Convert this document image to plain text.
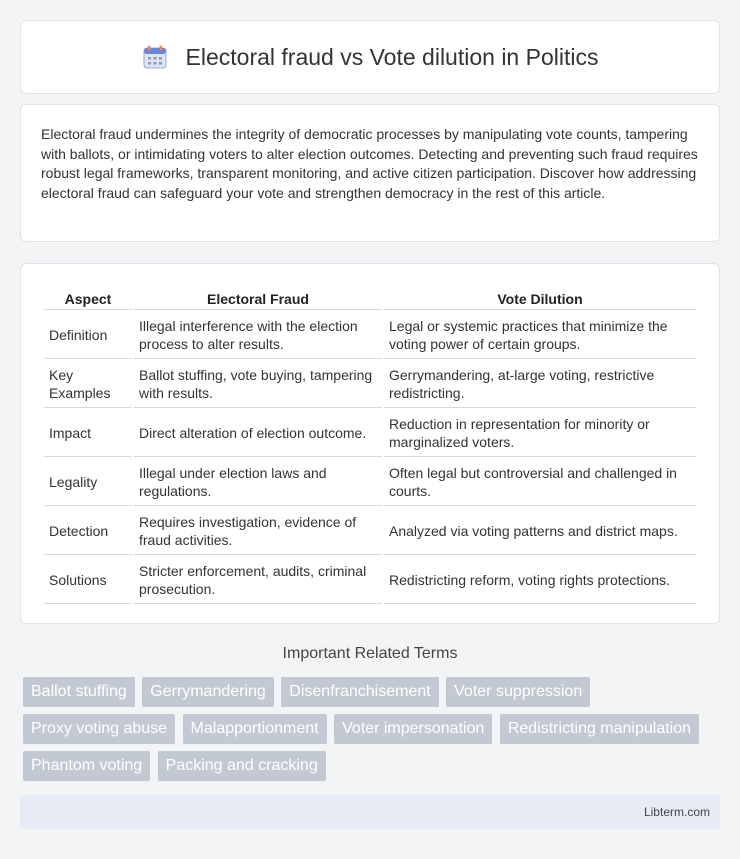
Electoral fraud vs Vote dilution in Politics

Electoral fraud undermines the integrity of democratic processes by manipulating vote counts, tampering with ballots, or intimidating voters to alter election outcomes. Detecting and preventing such fraud requires robust legal frameworks, transparent monitoring, and active citizen participation. Discover how addressing electoral fraud can safeguard your vote and strengthen democracy in the rest of this article.

Aspect	Electoral Fraud	Vote Dilution
Definition	Illegal interference with the election process to alter results.	Legal or systemic practices that minimize the voting power of certain groups.
Key Examples	Ballot stuffing, vote buying, tampering with results.	Gerrymandering, at-large voting, restrictive redistricting.
Impact	Direct alteration of election outcome.	Reduction in representation for minority or marginalized voters.
Legality	Illegal under election laws and regulations.	Often legal but controversial and challenged in courts.
Detection	Requires investigation, evidence of fraud activities.	Analyzed via voting patterns and district maps.
Solutions	Stricter enforcement, audits, criminal prosecution.	Redistricting reform, voting rights protections.
Important Related Terms
Ballot stuffing Gerrymandering Disenfranchisement Voter suppression Proxy voting abuse Malapportionment Voter impersonation Redistricting manipulation Phantom voting Packing and cracking
Libterm.com
